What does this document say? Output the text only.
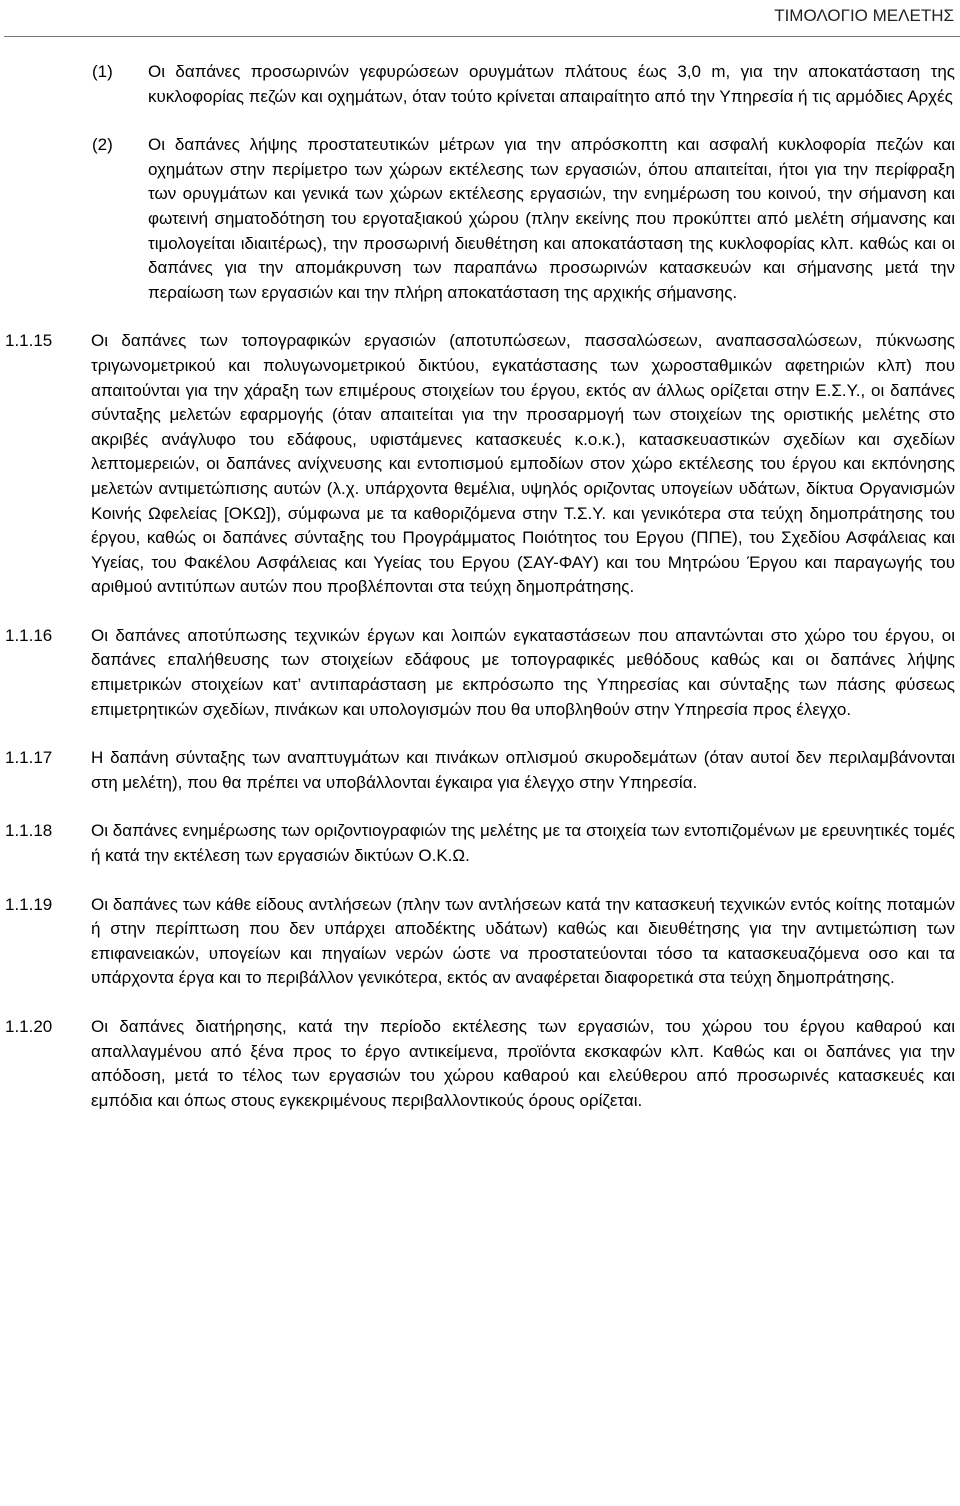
ΤΙΜΟΛΟΓΙΟ ΜΕΛΕΤΗΣ
(1) Οι δαπάνες προσωρινών γεφυρώσεων ορυγμάτων πλάτους έως 3,0 m, για την αποκατάσταση της κυκλοφορίας πεζών και οχημάτων, όταν τούτο κρίνεται απαιραίτητο από την Υπηρεσία ή τις αρμόδιες Αρχές
(2) Οι δαπάνες λήψης προστατευτικών μέτρων για την απρόσκοπτη και ασφαλή κυκλοφορία πεζών και οχημάτων στην περίμετρο των χώρων εκτέλεσης των εργασιών, όπου απαιτείται, ήτοι για την περίφραξη των ορυγμάτων και γενικά των χώρων εκτέλεσης εργασιών, την ενημέρωση του κοινού, την σήμανση και φωτεινή σηματοδότηση του εργοταξιακού χώρου (πλην εκείνης που προκύπτει από μελέτη σήμανσης και τιμολογείται ιδιαιτέρως), την προσωρινή διευθέτηση και αποκατάσταση της κυκλοφορίας κλπ. καθώς και οι δαπάνες για την απομάκρυνση των παραπάνω προσωρινών κατασκευών και σήμανσης μετά την περαίωση των εργασιών και την πλήρη αποκατάσταση της αρχικής σήμανσης.
1.1.15 Οι δαπάνες των τοπογραφικών εργασιών (αποτυπώσεων, πασσαλώσεων, αναπασσαλώσεων, πύκνωσης τριγωνομετρικού και πολυγωνομετρικού δικτύου, εγκατάστασης των χωροσταθμικών αφετηριών κλπ) που απαιτούνται για την χάραξη των επιμέρους στοιχείων του έργου, εκτός αν άλλως ορίζεται στην Ε.Σ.Υ., οι δαπάνες σύνταξης μελετών εφαρμογής (όταν απαιτείται για την προσαρμογή των στοιχείων της οριστικής μελέτης στο ακριβές ανάγλυφο του εδάφους, υφιστάμενες κατασκευές κ.ο.κ.), κατασκευαστικών σχεδίων και σχεδίων λεπτομερειών, οι δαπάνες ανίχνευσης και εντοπισμού εμποδίων στον χώρο εκτέλεσης του έργου και εκπόνησης μελετών αντιμετώπισης αυτών (λ.χ. υπάρχοντα θεμέλια, υψηλός οριζοντας υπογείων υδάτων, δίκτυα Οργανισμών Κοινής Ωφελείας [ΟΚΩ]), σύμφωνα με τα καθοριζόμενα στην Τ.Σ.Υ. και γενικότερα στα τεύχη δημοπράτησης του έργου, καθώς οι δαπάνες σύνταξης του Προγράμματος Ποιότητος του Εργου (ΠΠΕ), του Σχεδίου Ασφάλειας και Υγείας, του Φακέλου Ασφάλειας και Υγείας του Εργου (ΣΑΥ-ΦΑΥ) και του Μητρώου Έργου και παραγωγής του αριθμού αντιτύπων αυτών που προβλέπονται στα τεύχη δημοπράτησης.
1.1.16 Οι δαπάνες αποτύπωσης τεχνικών έργων και λοιπών εγκαταστάσεων που απαντώνται στο χώρο του έργου, οι δαπάνες επαλήθευσης των στοιχείων εδάφους με τοπογραφικές μεθόδους καθώς και οι δαπάνες λήψης επιμετρικών στοιχείων κατ’ αντιπαράσταση με εκπρόσωπο της Υπηρεσίας και σύνταξης των πάσης φύσεως επιμετρητικών σχεδίων, πινάκων και υπολογισμών που θα υποβληθούν στην Υπηρεσία προς έλεγχο.
1.1.17 Η δαπάνη σύνταξης των αναπτυγμάτων και πινάκων οπλισμού σκυροδεμάτων (όταν αυτοί δεν περιλαμβάνονται στη μελέτη), που θα πρέπει να υποβάλλονται έγκαιρα για έλεγχο στην Υπηρεσία.
1.1.18 Οι δαπάνες ενημέρωσης των οριζοντιογραφιών της μελέτης με τα στοιχεία των εντοπιζομένων με ερευνητικές τομές ή κατά την εκτέλεση των εργασιών δικτύων Ο.Κ.Ω.
1.1.19 Οι δαπάνες των κάθε είδους αντλήσεων (πλην των αντλήσεων κατά την κατασκευή τεχνικών εντός κοίτης ποταμών ή στην περίπτωση που δεν υπάρχει αποδέκτης υδάτων) καθώς και διευθέτησης για την αντιμετώπιση των επιφανειακών, υπογείων και πηγαίων νερών ώστε να προστατεύονται τόσο τα κατασκευαζόμενα οσο και τα υπάρχοντα έργα και το περιβάλλον γενικότερα, εκτός αν αναφέρεται διαφορετικά στα τεύχη δημοπράτησης.
1.1.20 Οι δαπάνες διατήρησης, κατά την περίοδο εκτέλεσης των εργασιών, του χώρου του έργου καθαρού και απαλλαγμένου από ξένα προς το έργο αντικείμενα, προϊόντα εκσκαφών κλπ. Καθώς και οι δαπάνες για την απόδοση, μετά το τέλος των εργασιών του χώρου καθαρού και ελεύθερου από προσωρινές κατασκευές και εμπόδια και όπως στους εγκεκριμένους περιβαλλοντικούς όρους ορίζεται.
